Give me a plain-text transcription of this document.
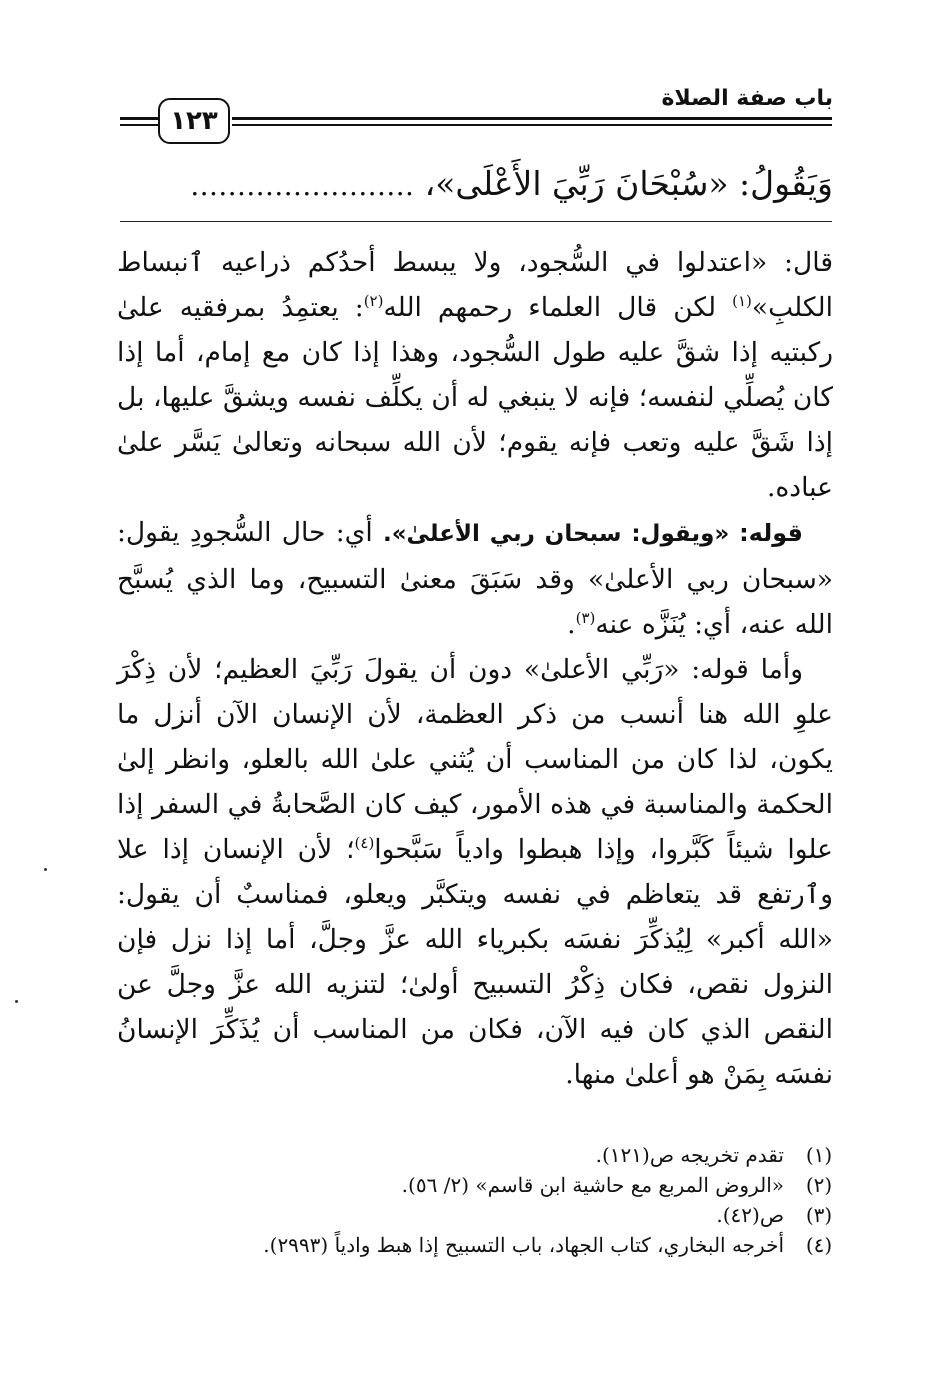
باب صفة الصلاة
١٢٣
وَيَقُولُ: «سُبْحَانَ رَبِّيَ الأَعْلَى»، ……………………

قال: «اعتدلوا في السُّجود، ولا يبسط أحدُكم ذراعيه ٱنبساط الكلبِ»$^{(١)}$ لكن قال العلماء رحمهم الله$^{(٢)}$: يعتمِدُ بمرفقيه علىٰ ركبتيه إذا شقَّ عليه طول السُّجود، وهذا إذا كان مع إمام، أما إذا كان يُصلِّي لنفسه؛ فإنه لا ينبغي له أن يكلِّف نفسه ويشقَّ عليها، بل إذا شَقَّ عليه وتعب فإنه يقوم؛ لأن الله سبحانه وتعالىٰ يَسَّر علىٰ عباده.

قوله: «ويقول: سبحان ربي الأعلىٰ». أي: حال السُّجودِ يقول: «سبحان ربي الأعلىٰ» وقد سَبَقَ معنىٰ التسبيح، وما الذي يُسبَّح الله عنه، أي: يُنَزَّه عنه$^{(٣)}$.

وأما قوله: «رَبِّي الأعلىٰ» دون أن يقولَ رَبِّيَ العظيم؛ لأن ذِكْرَ علوِ الله هنا أنسب من ذكر العظمة، لأن الإنسان الآن أنزل ما يكون، لذا كان من المناسب أن يُثني علىٰ الله بالعلو، وانظر إلىٰ الحكمة والمناسبة في هذه الأمور، كيف كان الصَّحابةُ في السفر إذا علوا شيئاً كَبَّروا، وإذا هبطوا وادياً سَبَّحوا$^{(٤)}$؛ لأن الإنسان إذا علا وٱرتفع قد يتعاظم في نفسه ويتكبَّر ويعلو، فمناسبٌ أن يقول: «الله أكبر» لِيُذكِّرَ نفسَه بكبرياء الله عزَّ وجلَّ، أما إذا نزل فإن النزول نقص، فكان ذِكْرُ التسبيح أولىٰ؛ لتنزيه الله عزَّ وجلَّ عن النقص الذي كان فيه الآن، فكان من المناسب أن يُذَكِّرَ الإنسانُ نفسَه بِمَنْ هو أعلىٰ منها.

(١)
تقدم تخريجه ص(١٢١).
(٢)
«الروض المربع مع حاشية ابن قاسم» (٢/ ٥٦).
(٣)
ص(٤٢).
(٤)
أخرجه البخاري، كتاب الجهاد، باب التسبيح إذا هبط وادياً (٢٩٩٣).
